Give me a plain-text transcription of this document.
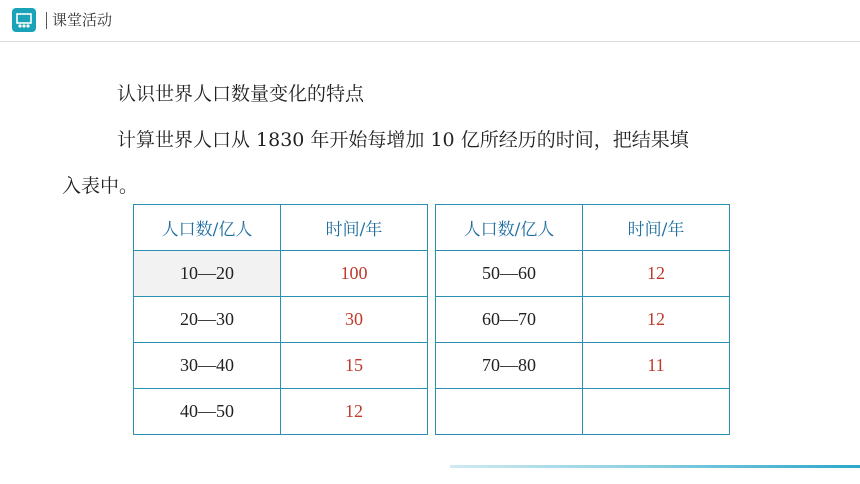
课堂活动
认识世界人口数量变化的特点
计算世界人口从 1830 年开始每增加 10 亿所经历的时间，把结果填
入表中。
人口数/亿人	时间/年
10—20	100
20—30	30
30—40	15
40—50	12
人口数/亿人	时间/年
50—60	12
60—70	12
70—80	11
